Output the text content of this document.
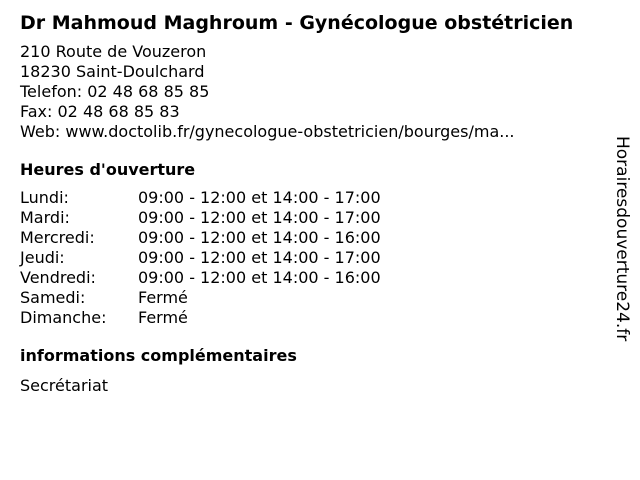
Dr Mahmoud Maghroum - Gynécologue obstétricien
210 Route de Vouzeron
18230 Saint-Doulchard
Telefon: 02 48 68 85 85
Fax: 02 48 68 85 83
Web: www.doctolib.fr/gynecologue-obstetricien/bourges/ma...
Heures d'ouverture
Lundi:	09:00 - 12:00 et 14:00 - 17:00
Mardi:	09:00 - 12:00 et 14:00 - 17:00
Mercredi:	09:00 - 12:00 et 14:00 - 16:00
Jeudi:	09:00 - 12:00 et 14:00 - 17:00
Vendredi:	09:00 - 12:00 et 14:00 - 16:00
Samedi:	Fermé
Dimanche:	Fermé
informations complémentaires
Secrétariat
Horairesdouverture24.fr
